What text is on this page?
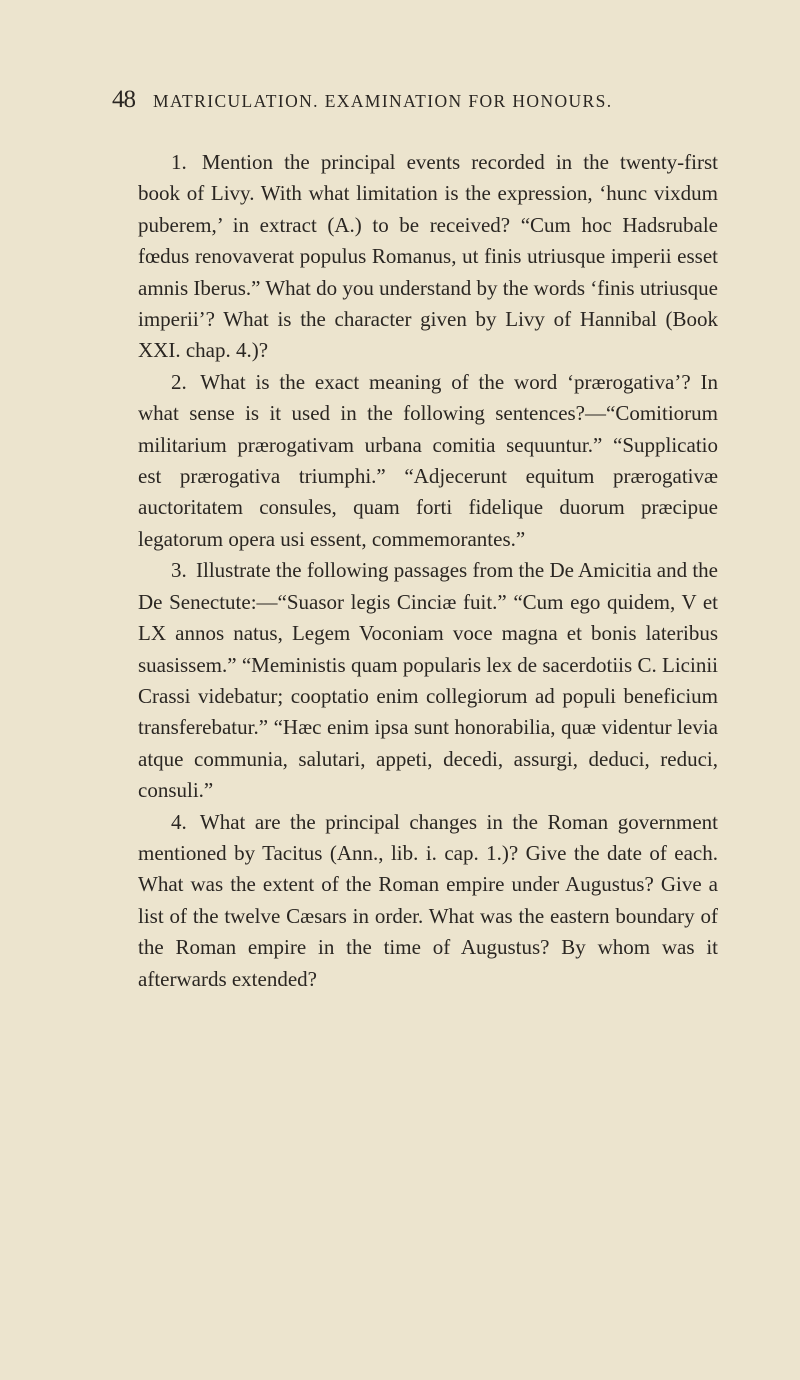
48 MATRICULATION. EXAMINATION FOR HONOURS.

1. Mention the principal events recorded in the twenty-first book of Livy. With what limitation is the expression, ‘hunc vixdum puberem,’ in extract (A.) to be received? “Cum hoc Hadsrubale fœdus renovaverat populus Romanus, ut finis utriusque imperii esset amnis Iberus.” What do you understand by the words ‘finis utriusque imperii’? What is the character given by Livy of Hannibal (Book XXI. chap. 4.)?

2. What is the exact meaning of the word ‘prærogativa’? In what sense is it used in the following sentences?—“Comitiorum militarium prærogativam urbana comitia sequuntur.” “Supplicatio est prærogativa triumphi.” “Adjecerunt equitum prærogativæ auctoritatem consules, quam forti fidelique duorum præcipue legatorum opera usi essent, commemorantes.”

3. Illustrate the following passages from the De Amicitia and the De Senectute:—“Suasor legis Cinciæ fuit.” “Cum ego quidem, V et LX annos natus, Legem Voconiam voce magna et bonis lateribus suasissem.” “Meministis quam popularis lex de sacerdotiis C. Licinii Crassi videbatur; cooptatio enim collegiorum ad populi beneficium transferebatur.” “Hæc enim ipsa sunt honorabilia, quæ videntur levia atque communia, salutari, appeti, decedi, assurgi, deduci, reduci, consuli.”

4. What are the principal changes in the Roman government mentioned by Tacitus (Ann., lib. i. cap. 1.)? Give the date of each. What was the extent of the Roman empire under Augustus? Give a list of the twelve Cæsars in order. What was the eastern boundary of the Roman empire in the time of Augustus? By whom was it afterwards extended?
